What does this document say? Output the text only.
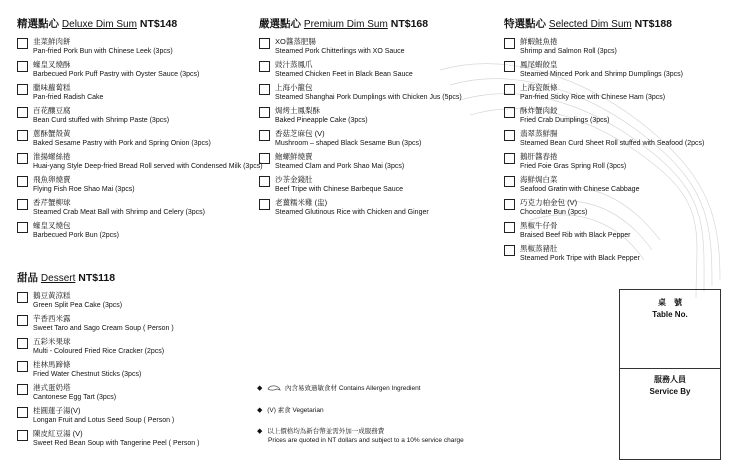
精選點心 Deluxe Dim Sum NT$148
韭菜鮮肉餅
Pan-fried Pork Bun with Chinese Leek (3pcs)
蠔皇叉燒酥
Barbecued Pork Puff Pastry with Oyster Sauce (3pcs)
臘味蘿蔔糕
Pan-fried Radish Cake
百花釀豆腐
Bean Curd stuffed with Shrimp Paste (3pcs)
蔥酥蟹殼黃
Baked Sesame Pastry with Pork and Spring Onion (3pcs)
淮揚螺絲捲
Huai-yang Style Deep-fried Bread Roll served with Condensed Milk (3pcs)
飛魚卵燒賣
Flying Fish Roe Shao Mai (3pcs)
香芹蟹柳球
Steamed Crab Meat Ball with Shrimp and Celery (3pcs)
蠔皇叉燒包
Barbecued Pork Bun (2pcs)
嚴選點心 Premium Dim Sum NT$168
XO醬蒸肥腸
Steamed Pork Chitterlings with XO Sauce
豉汁蒸鳳爪
Steamed Chicken Feet in Black Bean Sauce
上海小籠包
Steamed Shanghai Pork Dumplings with Chicken Jus (5pcs)
焗烤土鳳梨酥
Baked Pineapple Cake (3pcs)
香菇芝麻包 (V)
Mushroom – shaped Black Sesame Bun (3pcs)
鮑螺鮮燒賣
Steamed Clam and Pork Shao Mai (3pcs)
沙茶金錢肚
Beef Tripe with Chinese Barbeque Sauce
老薑糯米雞 (盅)
Steamed Glutinous Rice with Chicken and Ginger
特選點心 Selected Dim Sum NT$188
鮮蝦鮭魚捲
Shrimp and Salmon Roll (3pcs)
鳳尾蝦餃皇
Steamed Minced Pork and Shrimp Dumplings (3pcs)
上海瓷飯條
Pan-fried Sticky Rice with Chinese Ham (3pcs)
酥炸蟹肉餃
Fried Crab Dumplings (3pcs)
翡翠蒸鮮腸
Steamed Bean Curd Sheet Roll stuffed with Seafood (2pcs)
鵝肝醬春捲
Fried Foie Gras Spring Roll (3pcs)
海鮮焗白菜
Seafood Gratin with Chinese Cabbage
巧克力柏金包 (V)
Chocolate Bun (3pcs)
黑椒牛仔骨
Braised Beef Rib with Black Pepper
黑椒蒸豬肚
Steamed Pork Tripe with Black Pepper
甜品 Dessert NT$118
鵝豆黃涼糕
Green Split Pea Cake (3pcs)
芋香西米露
Sweet Taro and Sago Cream Soup ( Person )
五彩米果球
Multi - Coloured Fried Rice Cracker (2pcs)
桂林馬蹄條
Fried Water Chestnut Sticks (3pcs)
港式蛋奶塔
Cantonese Egg Tart (3pcs)
桂圓蓮子湯(V)
Longan Fruit and Lotus Seed Soup ( Person )
陳皮紅豆湯 (V)
Sweet Red Bean Soup with Tangerine Peel ( Person )
桌　號
Table No.
服務人員
Service By
◆	內含易致過敏食材 Contains Allergen Ingredient
◆ (V) 素食 Vegetarian
◆ 以上價格均為新台幣並需外加一成服務費
Prices are quoted in NT dollars and subject to a 10% service charge
